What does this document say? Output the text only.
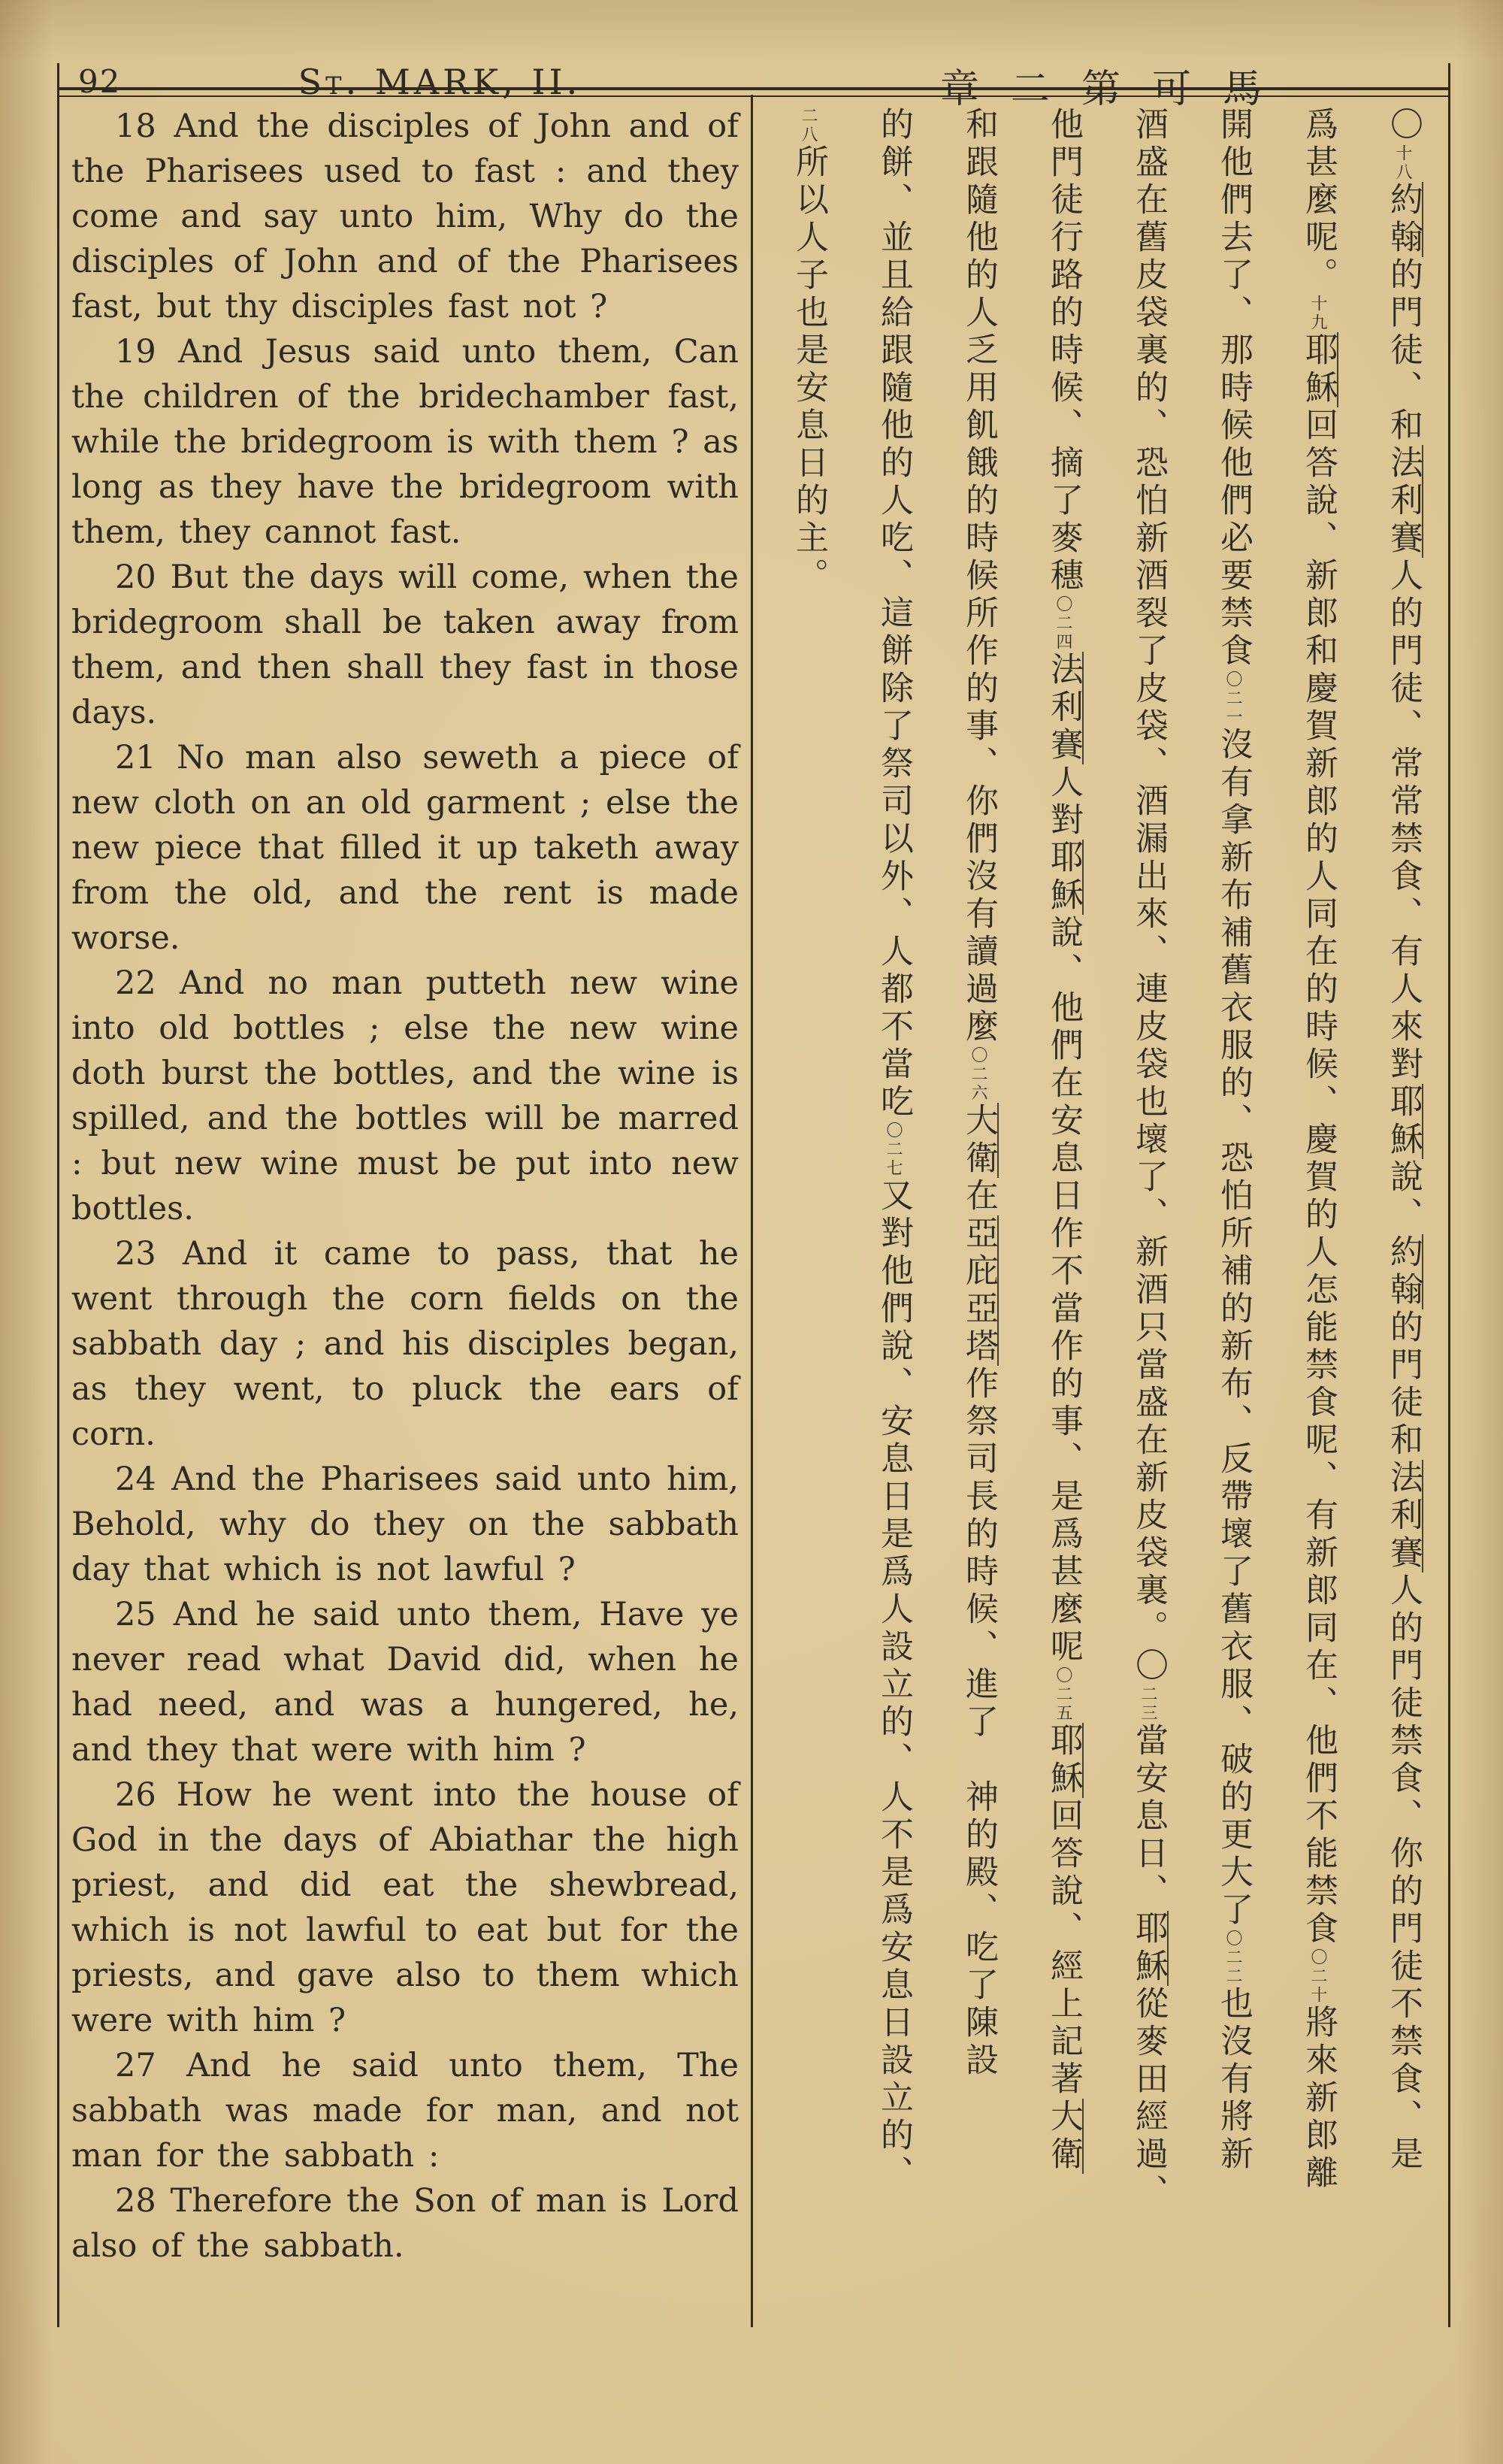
92	St. MARK, II.	章二第可馬

18 And the disciples of John and of the Pharisees used to fast : and they come and say unto him, Why do the disciples of John and of the Pharisees fast, but thy disciples fast not ?

19 And Jesus said unto them, Can the children of the bridechamber fast, while the bridegroom is with them ? as long as they have the bridegroom with them, they cannot fast.

20 But the days will come, when the bridegroom shall be taken away from them, and then shall they fast in those days.

21 No man also seweth a piece of new cloth on an old garment ; else the new piece that filled it up taketh away from the old, and the rent is made worse.

22 And no man putteth new wine into old bottles ; else the new wine doth burst the bottles, and the wine is spilled, and the bottles will be marred : but new wine must be put into new bottles.

23 And it came to pass, that he went through the corn fields on the sabbath day ; and his disciples began, as they went, to pluck the ears of corn.

24 And the Pharisees said unto him, Behold, why do they on the sabbath day that which is not lawful ?

25 And he said unto them, Have ye never read what David did, when he had need, and was a hungered, he, and they that were with him ?

26 How he went into the house of God in the days of Abiathar the high priest, and did eat the shewbread, which is not lawful to eat but for the priests, and gave also to them which were with him ?

27 And he said unto them, The sabbath was made for man, and not man for the sabbath :

28 Therefore the Son of man is Lord also of the sabbath.

〇十八約翰的門徒、和法利賽人的門徒、常常禁食、有人來對耶穌說、約翰的門徒和法利賽人的門徒禁食、你的門徒不禁食、是
爲甚麼呢。十九耶穌回答說、新郎和慶賀新郎的人同在的時候、慶賀的人怎能禁食呢、有新郎同在、他們不能禁食〇二十將來新郎離
開他們去了、那時候他們必要禁食〇二一沒有拿新布補舊衣服的、恐怕所補的新布、反帶壞了舊衣服、破的更大了〇二二也沒有將新
酒盛在舊皮袋裏的、恐怕新酒裂了皮袋、酒漏出來、連皮袋也壞了、新酒只當盛在新皮袋裏。〇二三當安息日、耶穌從麥田經過、
他門徒行路的時候、摘了麥穗〇二四法利賽人對耶穌說、他們在安息日作不當作的事、是爲甚麼呢〇二五耶穌回答說、經上記著大衛
和跟隨他的人乏用飢餓的時候所作的事、你們沒有讀過麼〇二六大衛在亞庇亞塔作祭司長的時候、進了　神的殿、吃了陳設
的餅、並且給跟隨他的人吃、這餅除了祭司以外、人都不當吃〇二七又對他們說、安息日是爲人設立的、人不是爲安息日設立的、
二八所以人子也是安息日的主。
